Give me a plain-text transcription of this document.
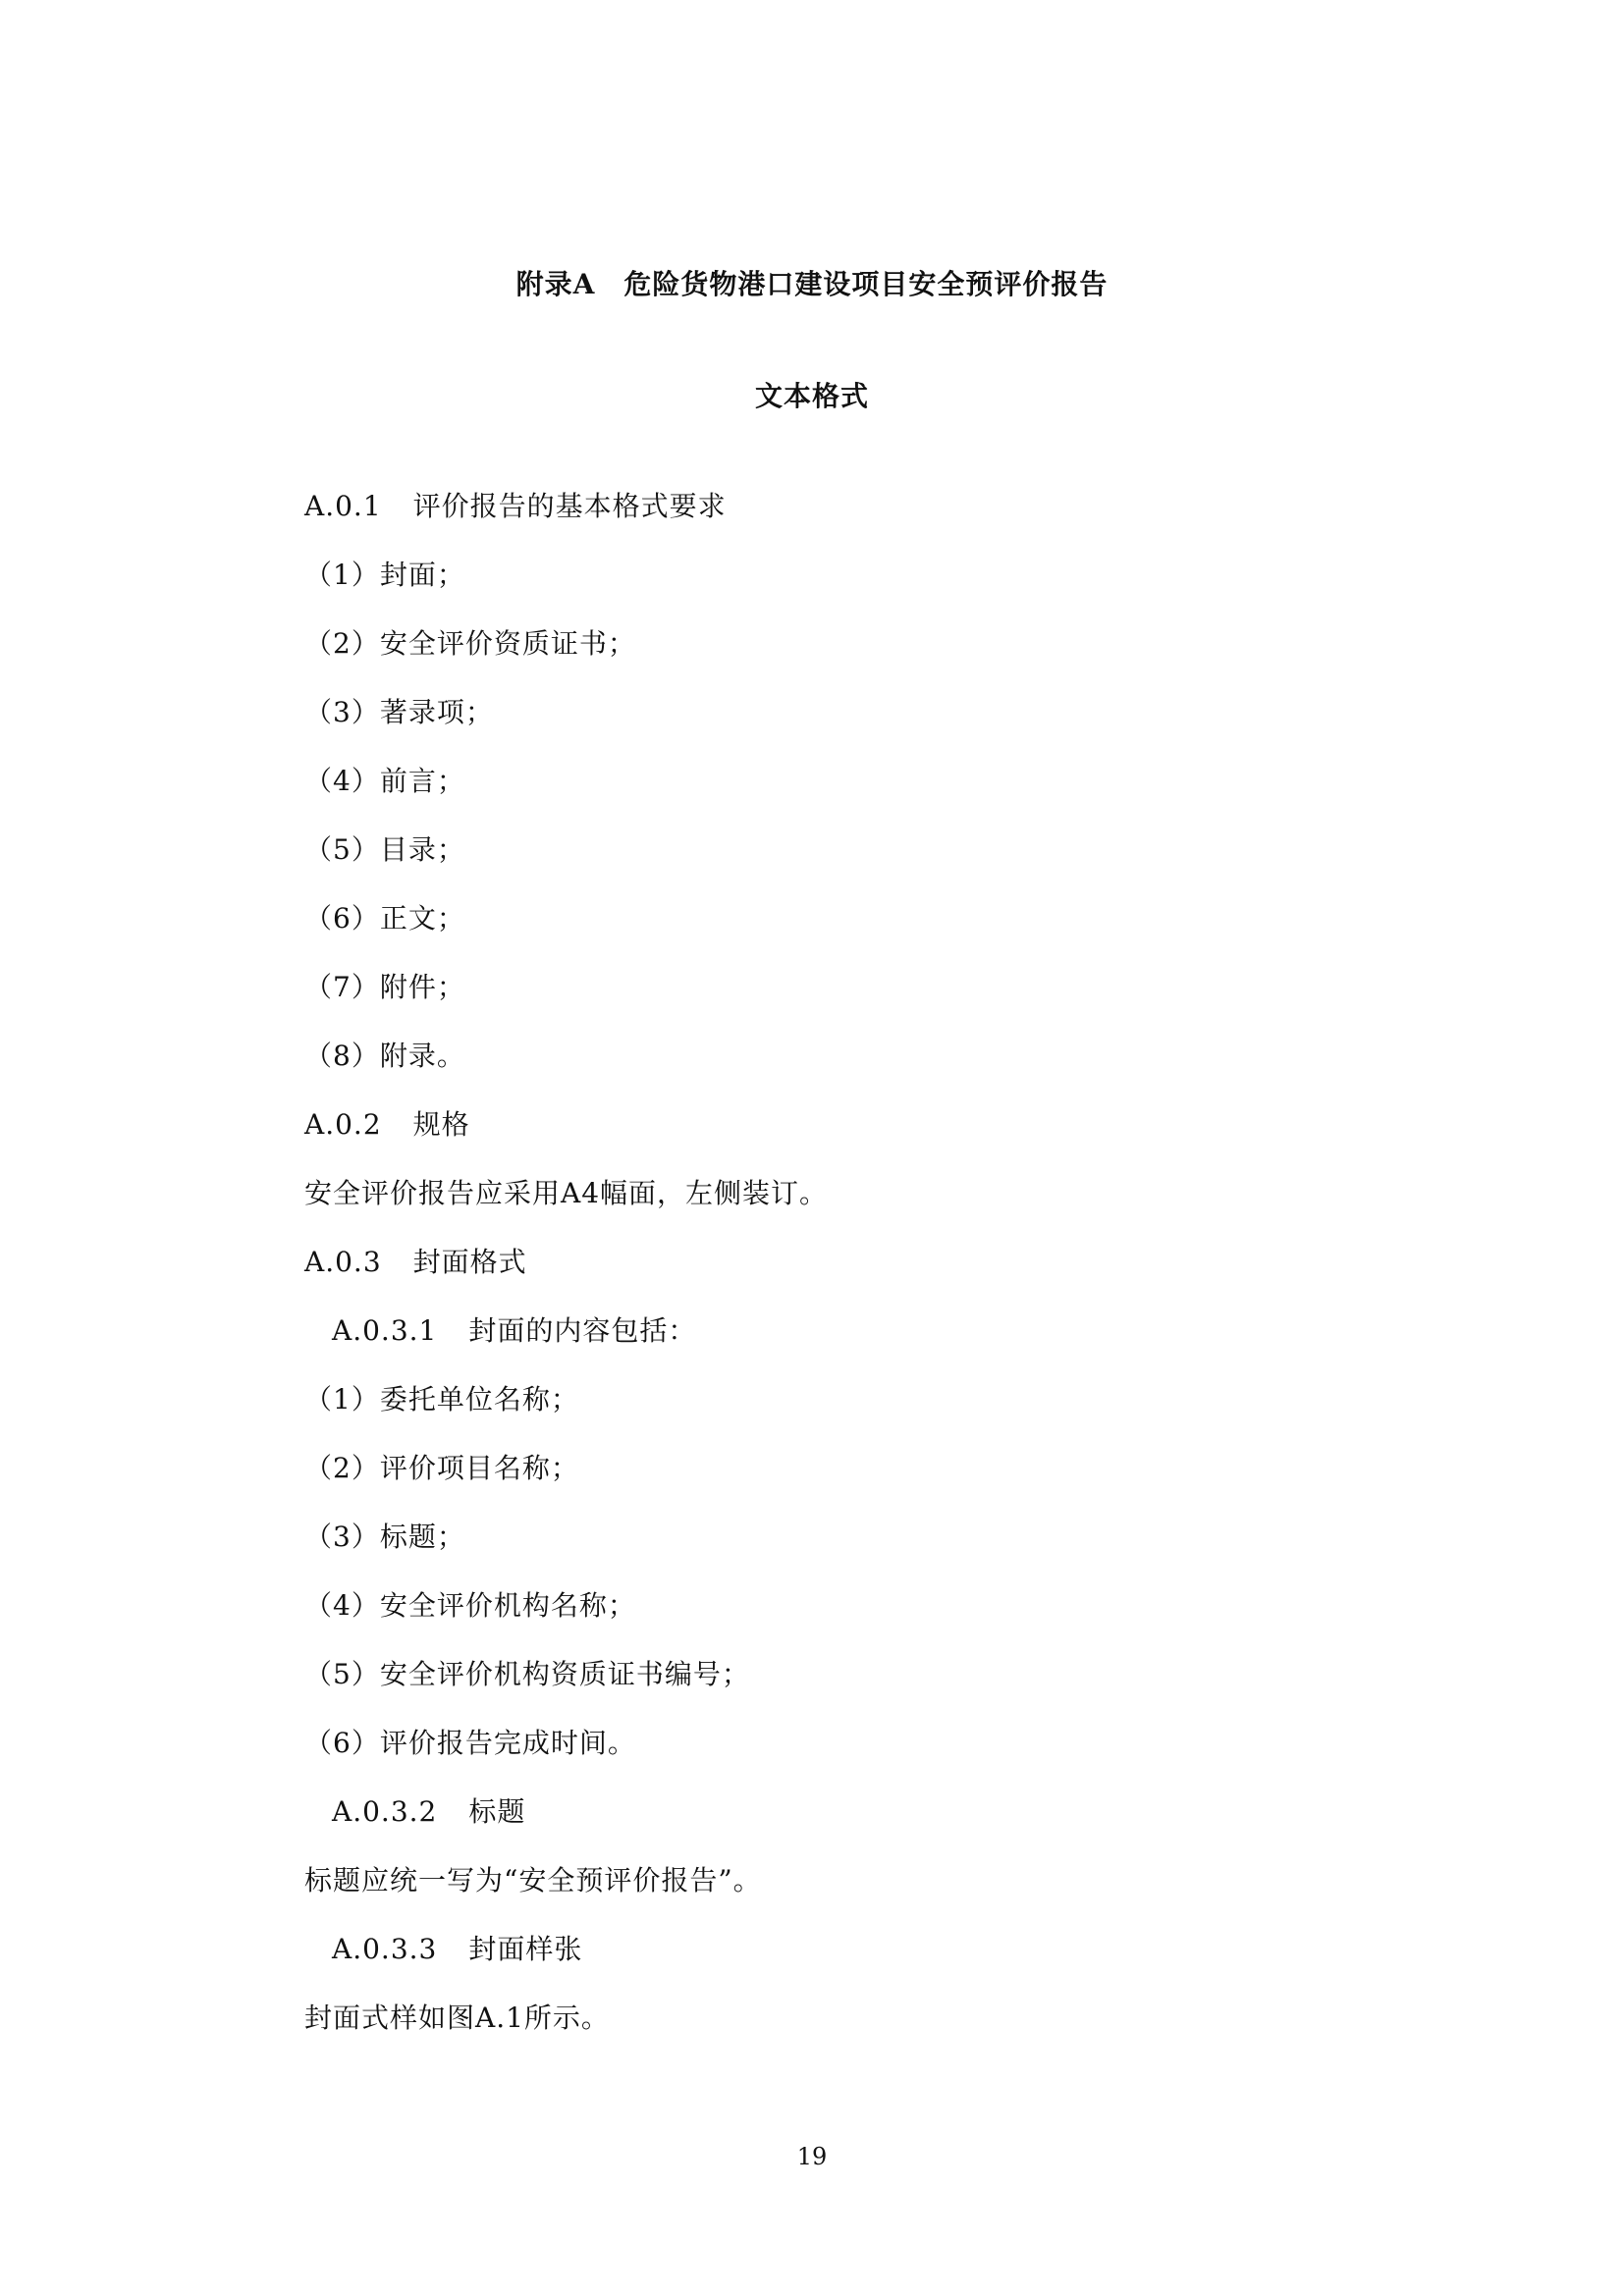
附录A　危险货物港口建设项目安全预评价报告
文本格式
A.0.1 评价报告的基本格式要求
（1）封面；
（2）安全评价资质证书；
（3）著录项；
（4）前言；
（5）目录；
（6）正文；
（7）附件；
（8）附录。
A.0.2 规格
安全评价报告应采用A4幅面，左侧装订。
A.0.3 封面格式
A.0.3.1 封面的内容包括：
（1）委托单位名称；
（2）评价项目名称；
（3）标题；
（4）安全评价机构名称；
（5）安全评价机构资质证书编号；
（6）评价报告完成时间。
A.0.3.2 标题
标题应统一写为“安全预评价报告”。
A.0.3.3 封面样张
封面式样如图A.1所示。
19
